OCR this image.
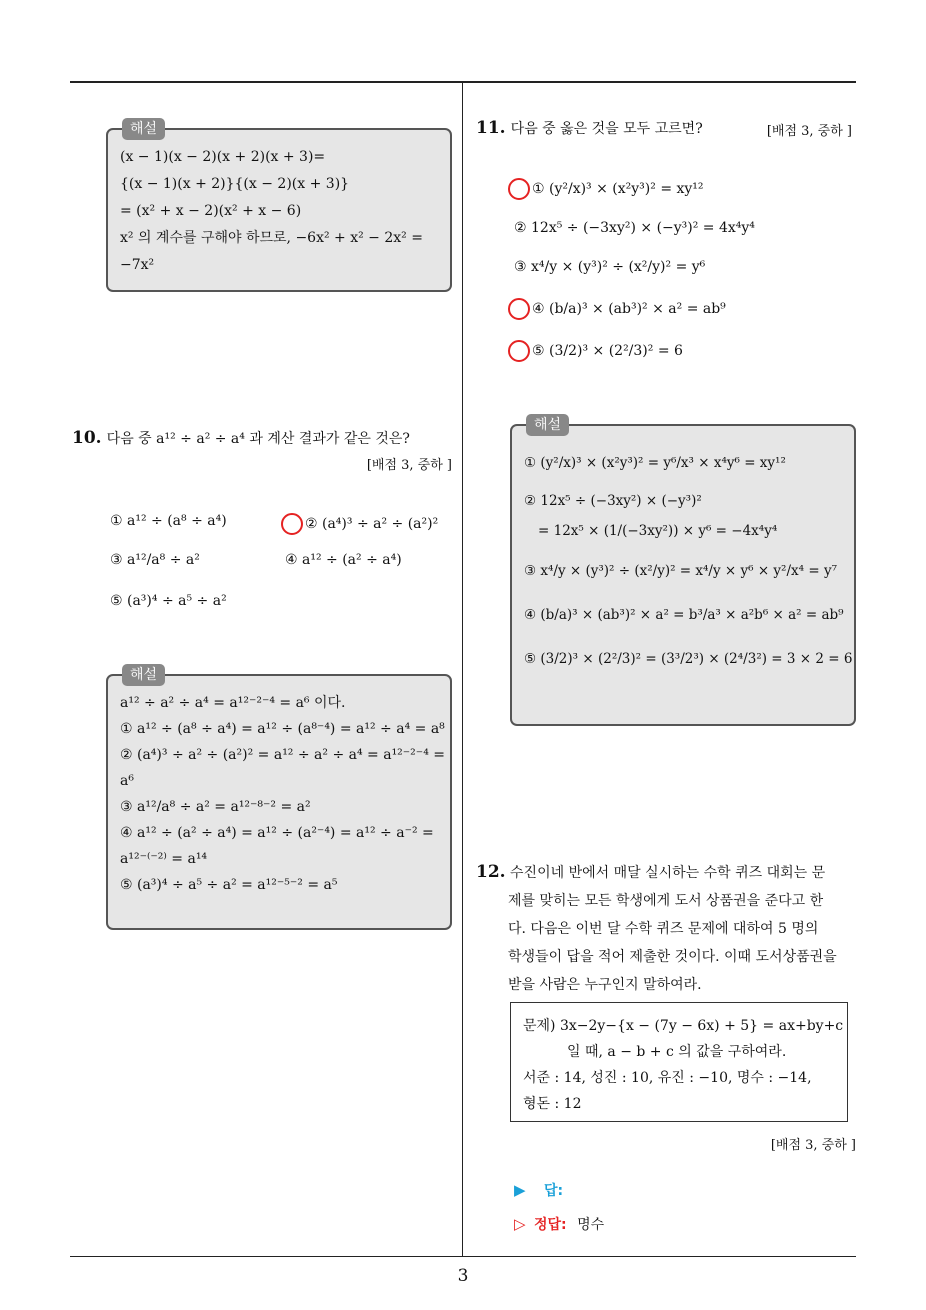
해설
(x − 1)(x − 2)(x + 2)(x + 3)=
{(x − 1)(x + 2)}{(x − 2)(x + 3)}
= (x² + x − 2)(x² + x − 6)
x² 의 계수를 구해야 하므로, −6x² + x² − 2x² =
−7x²
10. 다음 중 a¹² ÷ a² ÷ a⁴ 과 계산 결과가 같은 것은?
[배점 3, 중하 ]
① a¹² ÷ (a⁸ ÷ a⁴)	② (a⁴)³ ÷ a² ÷ (a²)²
③ a¹²/a⁸ ÷ a²	④ a¹² ÷ (a² ÷ a⁴)
⑤ (a³)⁴ ÷ a⁵ ÷ a²
해설
a¹² ÷ a² ÷ a⁴ = a¹²⁻²⁻⁴ = a⁶ 이다.
① a¹² ÷ (a⁸ ÷ a⁴) = a¹² ÷ (a⁸⁻⁴) = a¹² ÷ a⁴ = a⁸
② (a⁴)³ ÷ a² ÷ (a²)² = a¹² ÷ a² ÷ a⁴ = a¹²⁻²⁻⁴ =
a⁶
③ a¹²/a⁸ ÷ a² = a¹²⁻⁸⁻² = a²
④ a¹² ÷ (a² ÷ a⁴) = a¹² ÷ (a²⁻⁴) = a¹² ÷ a⁻² =
a¹²⁻⁽⁻²⁾ = a¹⁴
⑤ (a³)⁴ ÷ a⁵ ÷ a² = a¹²⁻⁵⁻² = a⁵
11. 다음 중 옳은 것을 모두 고르면?	[배점 3, 중하 ]
① (y²/x)³ × (x²y³)² = xy¹²
② 12x⁵ ÷ (−3xy²) × (−y³)² = 4x⁴y⁴
③ x⁴/y × (y³)² ÷ (x²/y)² = y⁶
④ (b/a)³ × (ab³)² × a² = ab⁹
⑤ (3/2)³ × (2²/3)² = 6
해설
① (y²/x)³ × (x²y³)² = y⁶/x³ × x⁴y⁶ = xy¹²
② 12x⁵ ÷ (−3xy²) × (−y³)²
= 12x⁵ × (1/(−3xy²)) × y⁶ = −4x⁴y⁴
③ x⁴/y × (y³)² ÷ (x²/y)² = x⁴/y × y⁶ × y²/x⁴ = y⁷
④ (b/a)³ × (ab³)² × a² = b³/a³ × a²b⁶ × a² = ab⁹
⑤ (3/2)³ × (2²/3)² = (3³/2³) × (2⁴/3²) = 3 × 2 = 6
12. 수진이네 반에서 매달 실시하는 수학 퀴즈 대회는 문
제를 맞히는 모든 학생에게 도서 상품권을 준다고 한
다. 다음은 이번 달 수학 퀴즈 문제에 대하여 5 명의
학생들이 답을 적어 제출한 것이다. 이때 도서상품권을
받을 사람은 누구인지 말하여라.
문제) 3x−2y−{x − (7y − 6x) + 5} = ax+by+c
일 때, a − b + c 의 값을 구하여라.
서준 : 14, 성진 : 10, 유진 : −10, 명수 : −14,
형돈 : 12
[배점 3, 중하 ]
▶ 답:
▷ 정답: 명수
3
